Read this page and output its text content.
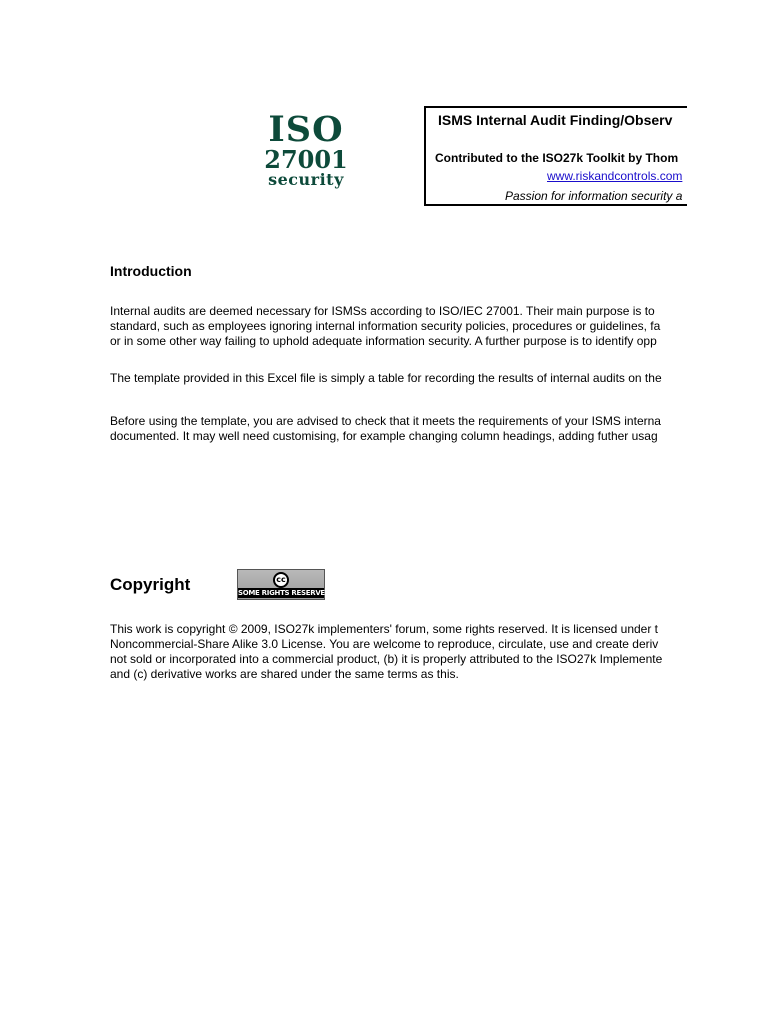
ISO
27001
security
ISMS Internal Audit Finding/Observ
Contributed to the ISO27k Toolkit by Thom
www.riskandcontrols.com
Passion for information security a
Introduction
Internal audits are deemed necessary for ISMSs according to ISO/IEC 27001. Their main purpose is to
standard, such as employees ignoring internal information security policies, procedures or guidelines, fa
or in some other way failing to uphold adequate information security. A further purpose is to identify opp
The template provided in this Excel file is simply a table for recording the results of internal audits on the
Before using the template, you are advised to check that it meets the requirements of your ISMS interna
documented. It may well need customising, for example changing column headings, adding futher usag
Copyright	cc
SOME RIGHTS RESERVED
This work is copyright © 2009, ISO27k implementers' forum, some rights reserved. It is licensed under t
Noncommercial-Share Alike 3.0 License. You are welcome to reproduce, circulate, use and create deriv
not sold or incorporated into a commercial product, (b) it is properly attributed to the ISO27k Implemente
and (c) derivative works are shared under the same terms as this.
